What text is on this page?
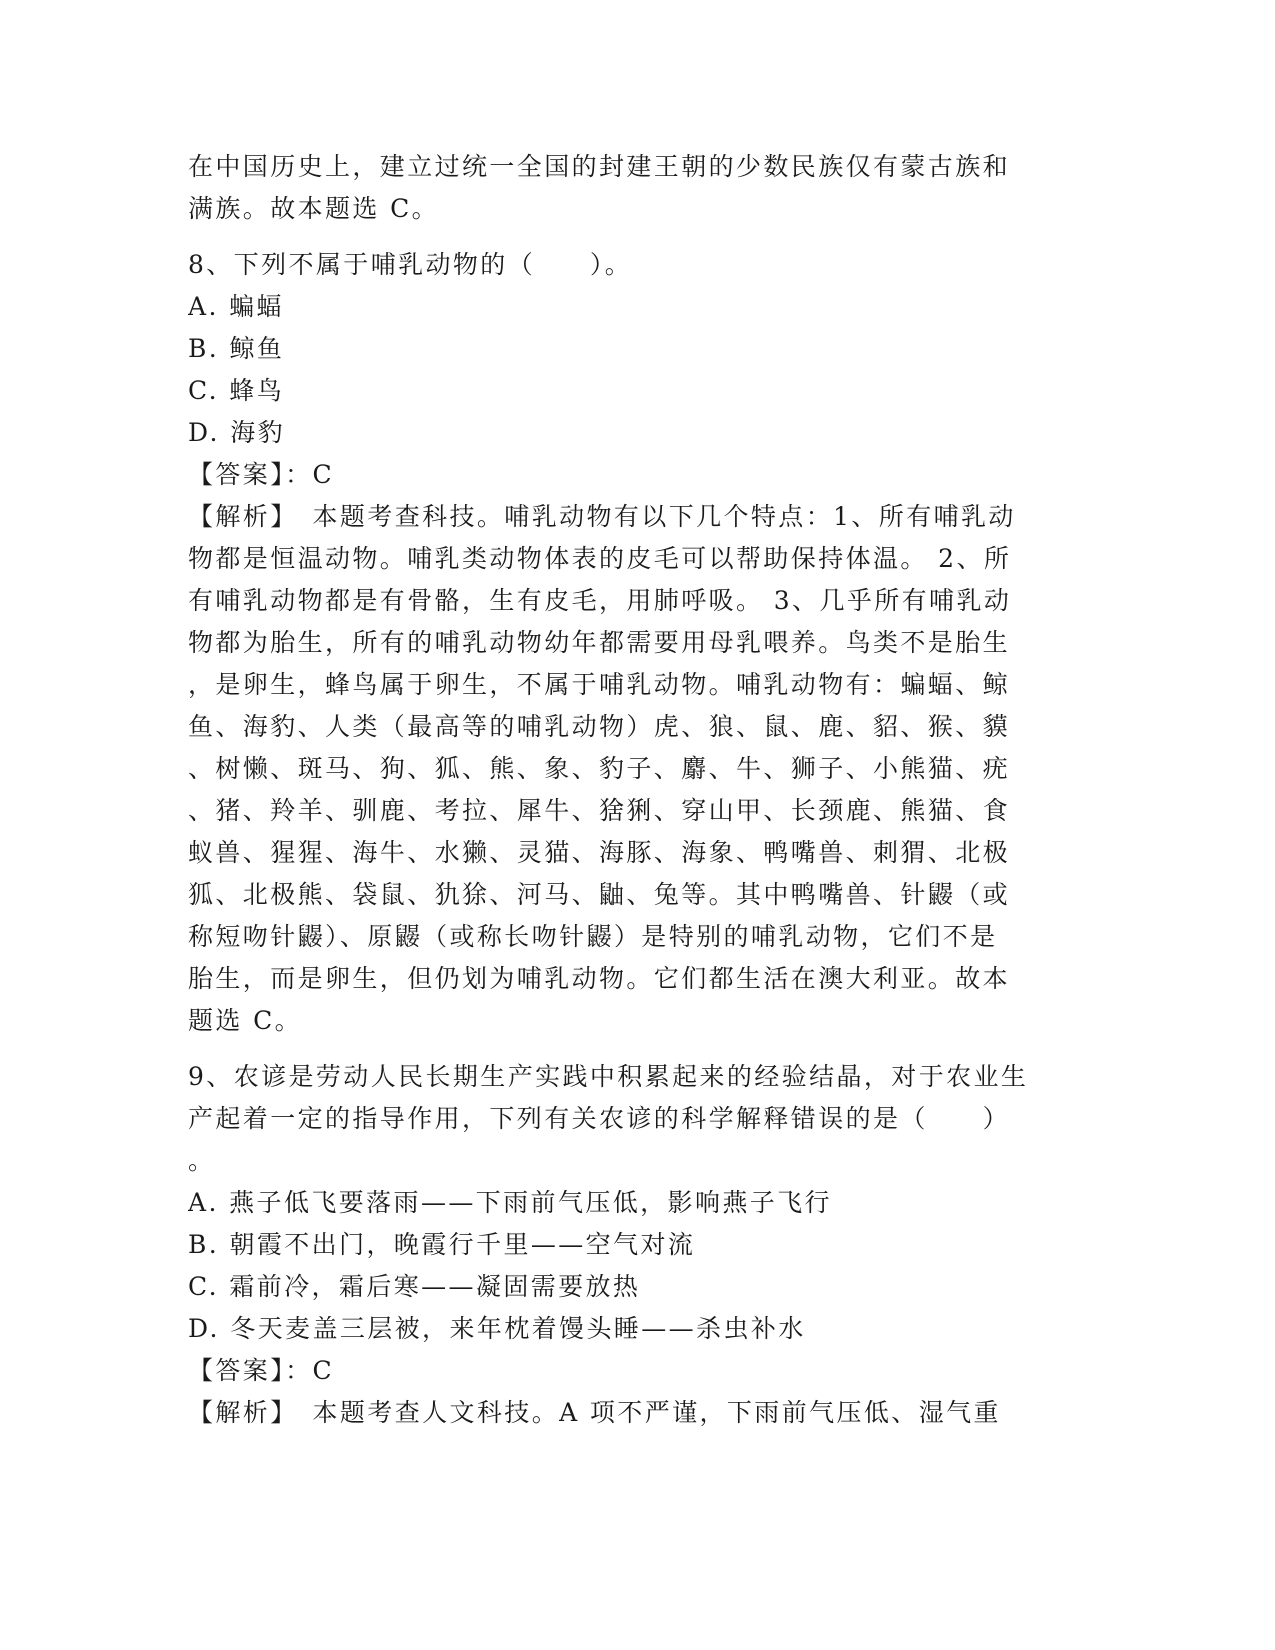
在中国历史上，建立过统一全国的封建王朝的少数民族仅有蒙古族和
满族。故本题选 C。
8、下列不属于哺乳动物的（　　）。
A. 蝙蝠
B. 鲸鱼
C. 蜂鸟
D. 海豹
【答案】：C
【解析】　本题考查科技。哺乳动物有以下几个特点：1、所有哺乳动
物都是恒温动物。哺乳类动物体表的皮毛可以帮助保持体温。 2、所
有哺乳动物都是有骨骼，生有皮毛，用肺呼吸。 3、几乎所有哺乳动
物都为胎生，所有的哺乳动物幼年都需要用母乳喂养。鸟类不是胎生
，是卵生，蜂鸟属于卵生，不属于哺乳动物。哺乳动物有：蝙蝠、鲸
鱼、海豹、人类（最高等的哺乳动物）虎、狼、鼠、鹿、貂、猴、貘
、树懒、斑马、狗、狐、熊、象、豹子、麝、牛、狮子、小熊猫、疣
、猪、羚羊、驯鹿、考拉、犀牛、猞猁、穿山甲、长颈鹿、熊猫、食
蚁兽、猩猩、海牛、水獭、灵猫、海豚、海象、鸭嘴兽、刺猬、北极
狐、北极熊、袋鼠、犰狳、河马、鼬、兔等。其中鸭嘴兽、针鼹（或
称短吻针鼹）、原鼹（或称长吻针鼹）是特别的哺乳动物，它们不是
胎生，而是卵生，但仍划为哺乳动物。它们都生活在澳大利亚。故本
题选 C。
9、农谚是劳动人民长期生产实践中积累起来的经验结晶，对于农业生
产起着一定的指导作用，下列有关农谚的科学解释错误的是（　　）
。
A. 燕子低飞要落雨——下雨前气压低，影响燕子飞行
B. 朝霞不出门，晚霞行千里——空气对流
C. 霜前冷，霜后寒——凝固需要放热
D. 冬天麦盖三层被，来年枕着馒头睡——杀虫补水
【答案】：C
【解析】　本题考查人文科技。A 项不严谨，下雨前气压低、湿气重
